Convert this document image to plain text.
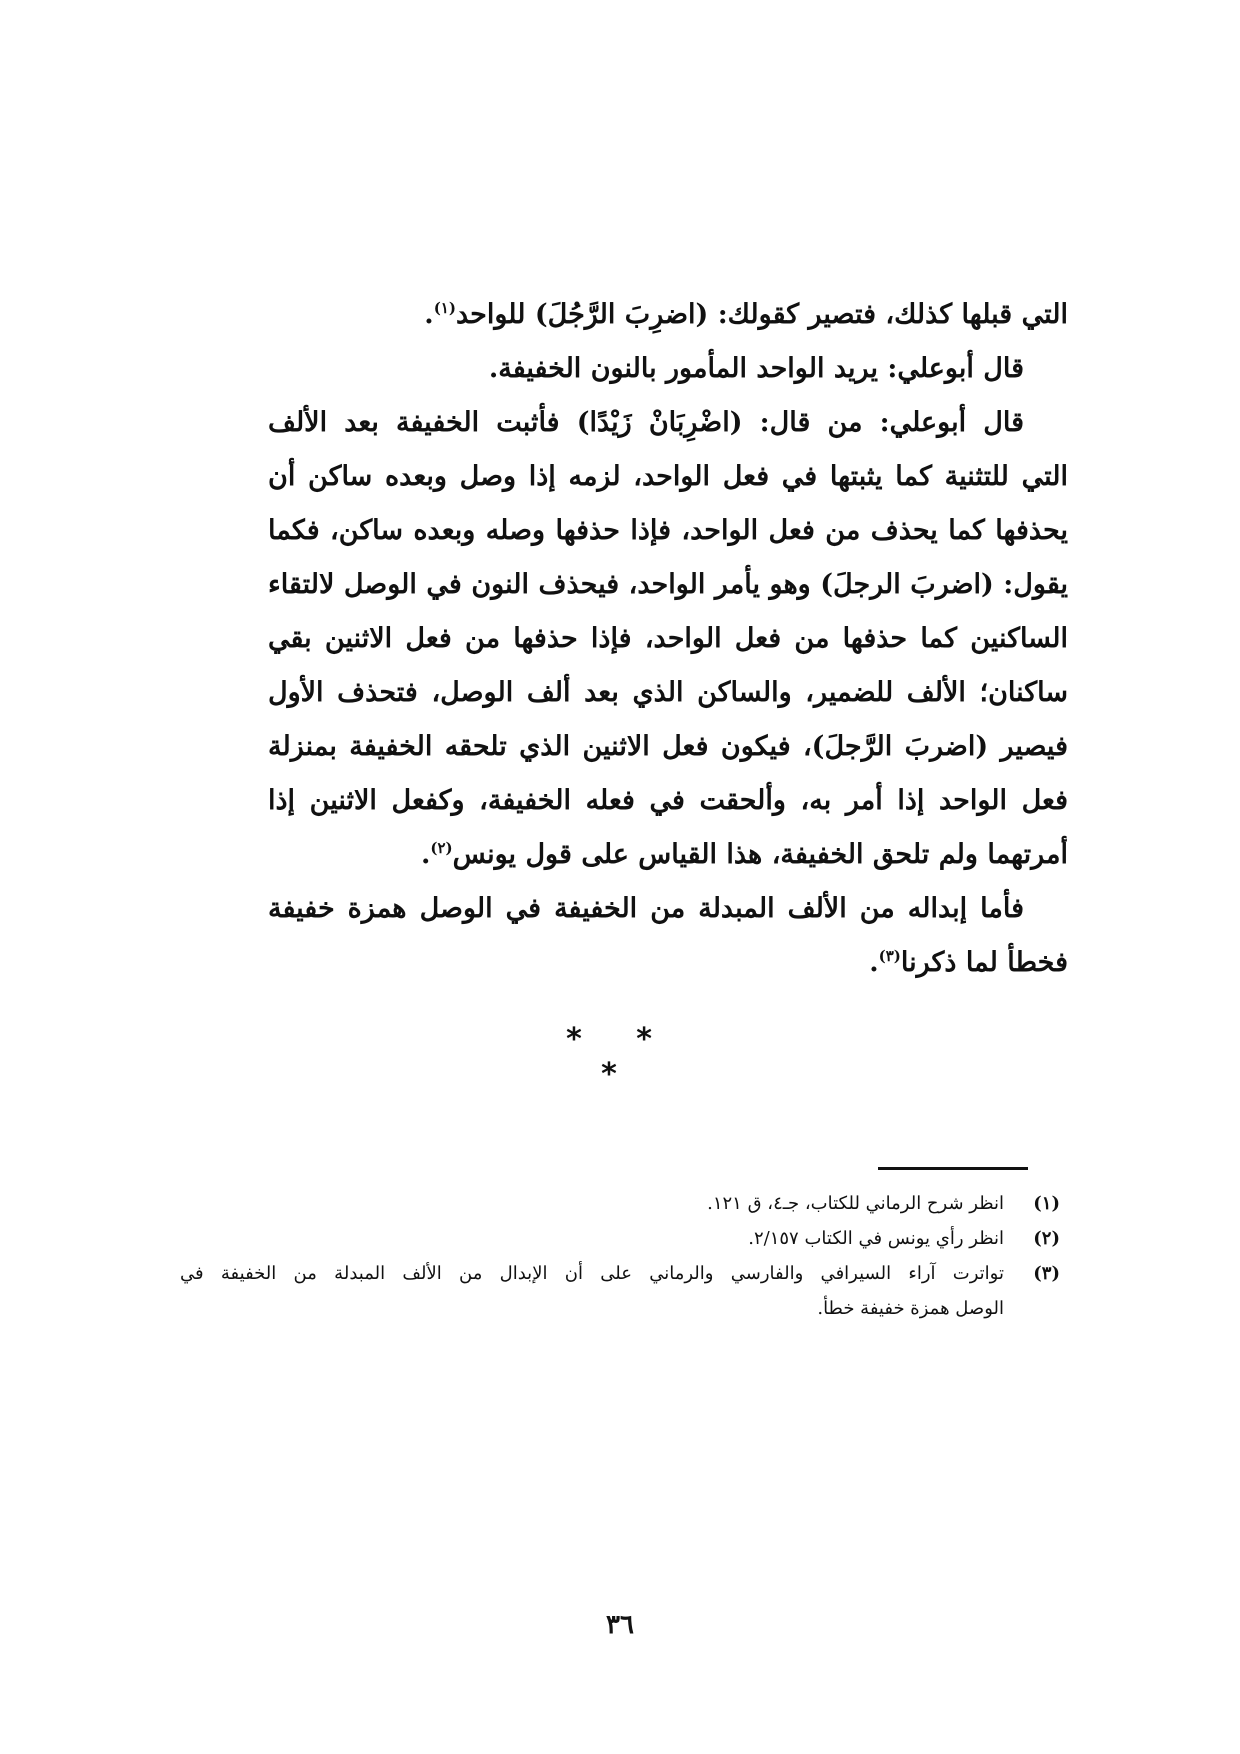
التي قبلها كذلك، فتصير كقولك: (اضرِبَ الرَّجُلَ) للواحد$^{(١)}$.
قال أبوعلي: يريد الواحد المأمور بالنون الخفيفة.
قال أبوعلي: من قال: (اضْرِبَانْ زَيْدًا) فأثبت الخفيفة بعد الألف
التي للتثنية كما يثبتها في فعل الواحد، لزمه إذا وصل وبعده ساكن أن
يحذفها كما يحذف من فعل الواحد، فإذا حذفها وصله وبعده ساكن، فكما
يقول: (اضربَ الرجلَ) وهو يأمر الواحد، فيحذف النون في الوصل لالتقاء
الساكنين كما حذفها من فعل الواحد، فإذا حذفها من فعل الاثنين بقي
ساكنان؛ الألف للضمير، والساكن الذي بعد ألف الوصل، فتحذف الأول
فيصير (اضربَ الرَّجلَ)، فيكون فعل الاثنين الذي تلحقه الخفيفة بمنزلة
فعل الواحد إذا أمر به، وألحقت في فعله الخفيفة، وكفعل الاثنين إذا
أمرتهما ولم تلحق الخفيفة، هذا القياس على قول يونس$^{(٢)}$.
فأما إبداله من الألف المبدلة من الخفيفة في الوصل همزة خفيفة
فخطأ لما ذكرنا$^{(٣)}$.
* * *
(١)
انظر شرح الرماني للكتاب، جـ٤، ق ١٢١.
(٢)
انظر رأي يونس في الكتاب ٢/١٥٧.
(٣)
تواترت آراء السيرافي والفارسي والرماني على أن الإبدال من الألف المبدلة من الخفيفة في
الوصل همزة خفيفة خطأ.
٣٦
